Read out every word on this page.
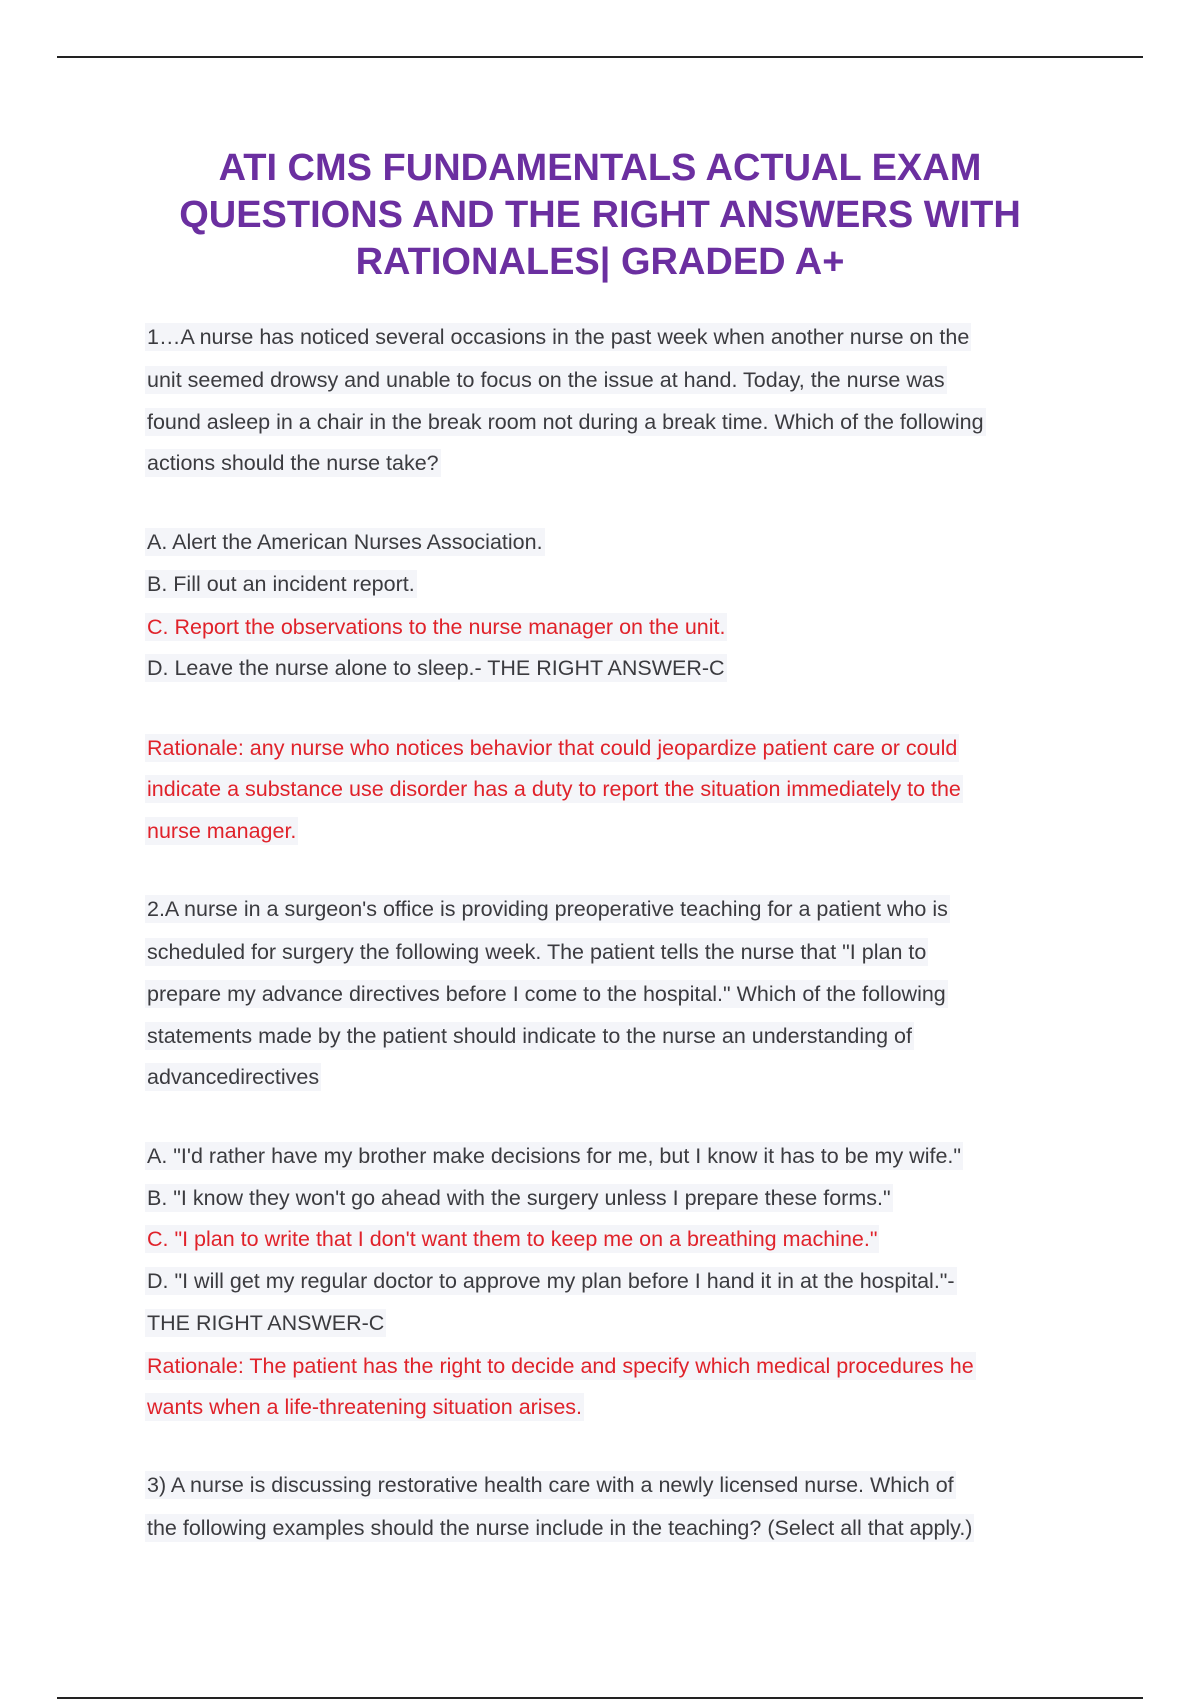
ATI CMS FUNDAMENTALS ACTUAL EXAM
QUESTIONS AND THE RIGHT ANSWERS WITH
RATIONALES| GRADED A+
1…A nurse has noticed several occasions in the past week when another nurse on the
unit seemed drowsy and unable to focus on the issue at hand. Today, the nurse was
found asleep in a chair in the break room not during a break time. Which of the following
actions should the nurse take?
A. Alert the American Nurses Association.
B. Fill out an incident report.
C. Report the observations to the nurse manager on the unit.
D. Leave the nurse alone to sleep.- THE RIGHT ANSWER-C
Rationale: any nurse who notices behavior that could jeopardize patient care or could
indicate a substance use disorder has a duty to report the situation immediately to the
nurse manager.
2.A nurse in a surgeon's office is providing preoperative teaching for a patient who is
scheduled for surgery the following week. The patient tells the nurse that "I plan to
prepare my advance directives before I come to the hospital." Which of the following
statements made by the patient should indicate to the nurse an understanding of
advancedirectives
A. "I'd rather have my brother make decisions for me, but I know it has to be my wife."
B. "I know they won't go ahead with the surgery unless I prepare these forms."
C. "I plan to write that I don't want them to keep me on a breathing machine."
D. "I will get my regular doctor to approve my plan before I hand it in at the hospital."-
THE RIGHT ANSWER-C
Rationale: The patient has the right to decide and specify which medical procedures he
wants when a life-threatening situation arises.
3) A nurse is discussing restorative health care with a newly licensed nurse. Which of
the following examples should the nurse include in the teaching? (Select all that apply.)
